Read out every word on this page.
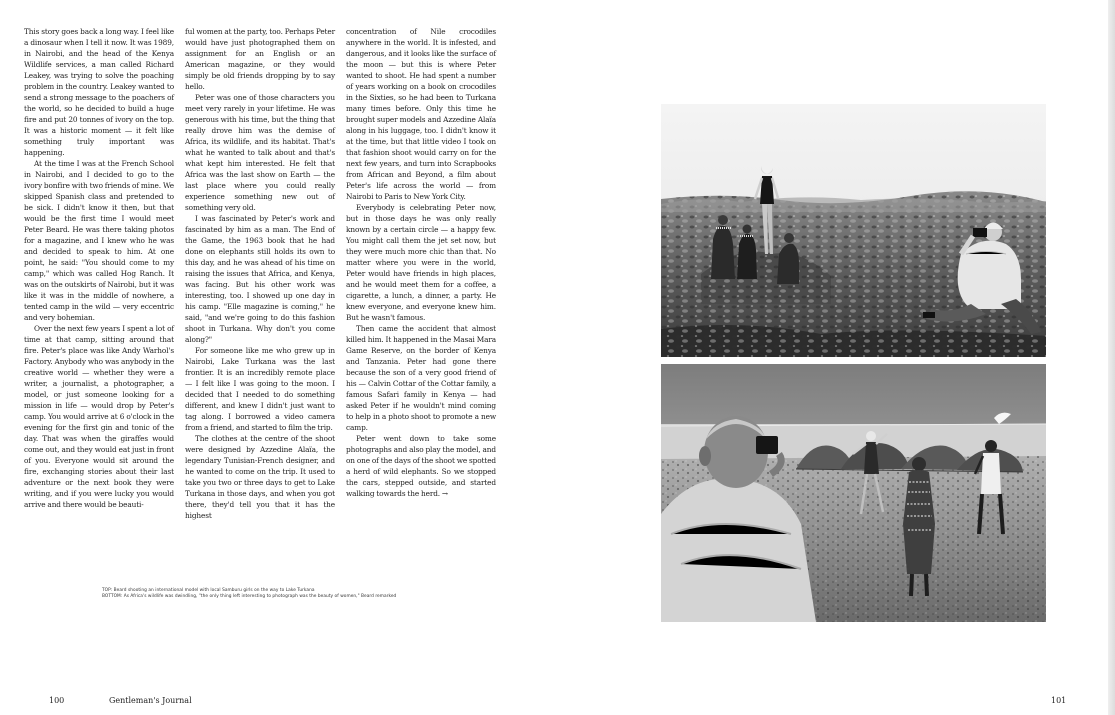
This story goes back a long way. I feel like a dinosaur when I tell it now. It was 1989, in Nairobi, and the head of the Kenya Wildlife services, a man called Richard Leakey, was trying to solve the poaching problem in the country. Leakey wanted to send a strong message to the poachers of the world, so he decided to build a huge fire and put 20 tonnes of ivory on the top. It was a historic moment — it felt like something truly important was happening.

At the time I was at the French School in Nairobi, and I decided to go to the ivory bonfire with two friends of mine. We skipped Spanish class and pretended to be sick. I didn't know it then, but that would be the first time I would meet Peter Beard. He was there taking photos for a magazine, and I knew who he was and decided to speak to him. At one point, he said: "You should come to my camp," which was called Hog Ranch. It was on the outskirts of Nairobi, but it was like it was in the middle of nowhere, a tented camp in the wild — very eccentric and very bohemian.

Over the next few years I spent a lot of time at that camp, sitting around that fire. Peter's place was like Andy Warhol's Factory. Anybody who was anybody in the creative world — whether they were a writer, a journalist, a photographer, a model, or just someone looking for a mission in life — would drop by Peter's camp. You would arrive at 6 o'clock in the evening for the first gin and tonic of the day. That was when the giraffes would come out, and they would eat just in front of you. Everyone would sit around the fire, exchanging stories about their last adventure or the next book they were writing, and if you were lucky you would arrive and there would be beauti-

ful women at the party, too. Perhaps Peter would have just photographed them on assignment for an English or an American magazine, or they would simply be old friends dropping by to say hello.

Peter was one of those characters you meet very rarely in your lifetime. He was generous with his time, but the thing that really drove him was the demise of Africa, its wildlife, and its habitat. That's what he wanted to talk about and that's what kept him interested. He felt that Africa was the last show on Earth — the last place where you could really experience something new out of something very old.

I was fascinated by Peter's work and fascinated by him as a man. The End of the Game, the 1963 book that he had done on elephants still holds its own to this day, and he was ahead of his time on raising the issues that Africa, and Kenya, was facing. But his other work was interesting, too. I showed up one day in his camp. "Elle magazine is coming," he said, "and we're going to do this fashion shoot in Turkana. Why don't you come along?"

For someone like me who grew up in Nairobi, Lake Turkana was the last frontier. It is an incredibly remote place — I felt like I was going to the moon. I decided that I needed to do something different, and knew I didn't just want to tag along. I borrowed a video camera from a friend, and started to film the trip.

The clothes at the centre of the shoot were designed by Azzedine Alaïa, the legendary Tunisian-French designer, and he wanted to come on the trip. It used to take you two or three days to get to Lake Turkana in those days, and when you got there, they'd tell you that it has the highest

concentration of Nile crocodiles anywhere in the world. It is infested, and dangerous, and it looks like the surface of the moon — but this is where Peter wanted to shoot. He had spent a number of years working on a book on crocodiles in the Sixties, so he had been to Turkana many times before. Only this time he brought super models and Azzedine Alaïa along in his luggage, too. I didn't know it at the time, but that little video I took on that fashion shoot would carry on for the next few years, and turn into Scrapbooks from African and Beyond, a film about Peter's life across the world — from Nairobi to Paris to New York City.

Everybody is celebrating Peter now, but in those days he was only really known by a certain circle — a happy few. You might call them the jet set now, but they were much more chic than that. No matter where you were in the world, Peter would have friends in high places, and he would meet them for a coffee, a cigarette, a lunch, a dinner, a party. He knew everyone, and everyone knew him. But he wasn't famous.

Then came the accident that almost killed him. It happened in the Masai Mara Game Reserve, on the border of Kenya and Tanzania. Peter had gone there because the son of a very good friend of his — Calvin Cottar of the Cottar family, a famous Safari family in Kenya — had asked Peter if he wouldn't mind coming to help in a photo shoot to promote a new camp.

Peter went down to take some photographs and also play the model, and on one of the days of the shoot we spotted a herd of wild elephants. So we stopped the cars, stepped outside, and started walking towards the herd. →

TOP: Beard shooting an international model with local Samburu girls on the way to Lake Turkana
BOTTOM: As Africa's wildlife was dwindling, "the only thing left interesting to photograph was the beauty of women," Beard remarked
100	Gentleman's Journal	101
